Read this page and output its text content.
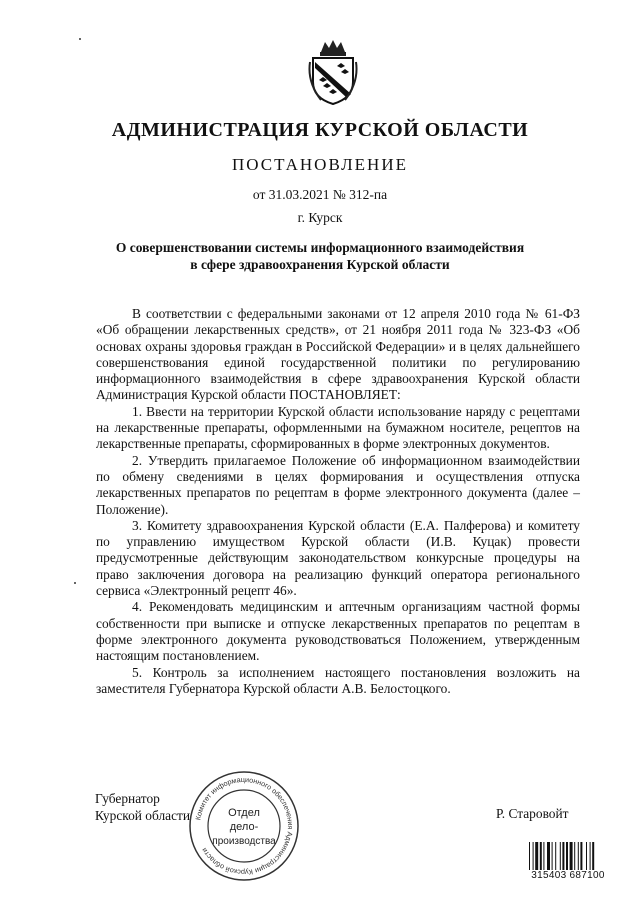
АДМИНИСТРАЦИЯ КУРСКОЙ ОБЛАСТИ
ПОСТАНОВЛЕНИЕ
от 31.03.2021 № 312-па
г. Курск
О совершенствовании системы информационного взаимодействия
в сфере здравоохранения Курской области

В соответствии с федеральными законами от 12 апреля 2010 года № 61-ФЗ «Об обращении лекарственных средств», от 21 ноября 2011 года № 323-ФЗ «Об основах охраны здоровья граждан в Российской Федерации» и в целях дальнейшего совершенствования единой государственной политики по регулированию информационного взаимодействия в сфере здравоохранения Курской области Администрация Курской области ПОСТАНОВЛЯЕТ:

1. Ввести на территории Курской области использование наряду с рецептами на лекарственные препараты, оформленными на бумажном носителе, рецептов на лекарственные препараты, сформированных в форме электронных документов.

2. Утвердить прилагаемое Положение об информационном взаимодействии по обмену сведениями в целях формирования и осуществления отпуска лекарственных препаратов по рецептам в форме электронного документа (далее – Положение).

3. Комитету здравоохранения Курской области (Е.А. Палферова) и комитету по управлению имуществом Курской области (И.В. Куцак) провести предусмотренные действующим законодательством конкурсные процедуры на право заключения договора на реализацию функций оператора регионального сервиса «Электронный рецепт 46».

4. Рекомендовать медицинским и аптечным организациям частной формы собственности при выписке и отпуске лекарственных препаратов по рецептам в форме электронного документа руководствоваться Положением, утвержденным настоящим постановлением.

5. Контроль за исполнением настоящего постановления возложить на заместителя Губернатора Курской области А.В. Белостоцкого.

Губернатор
Курской области Комитет информационного обеспечения Администрации Курской области
Отдел
дело-
производства
Р. Старовойт
315403 687100
